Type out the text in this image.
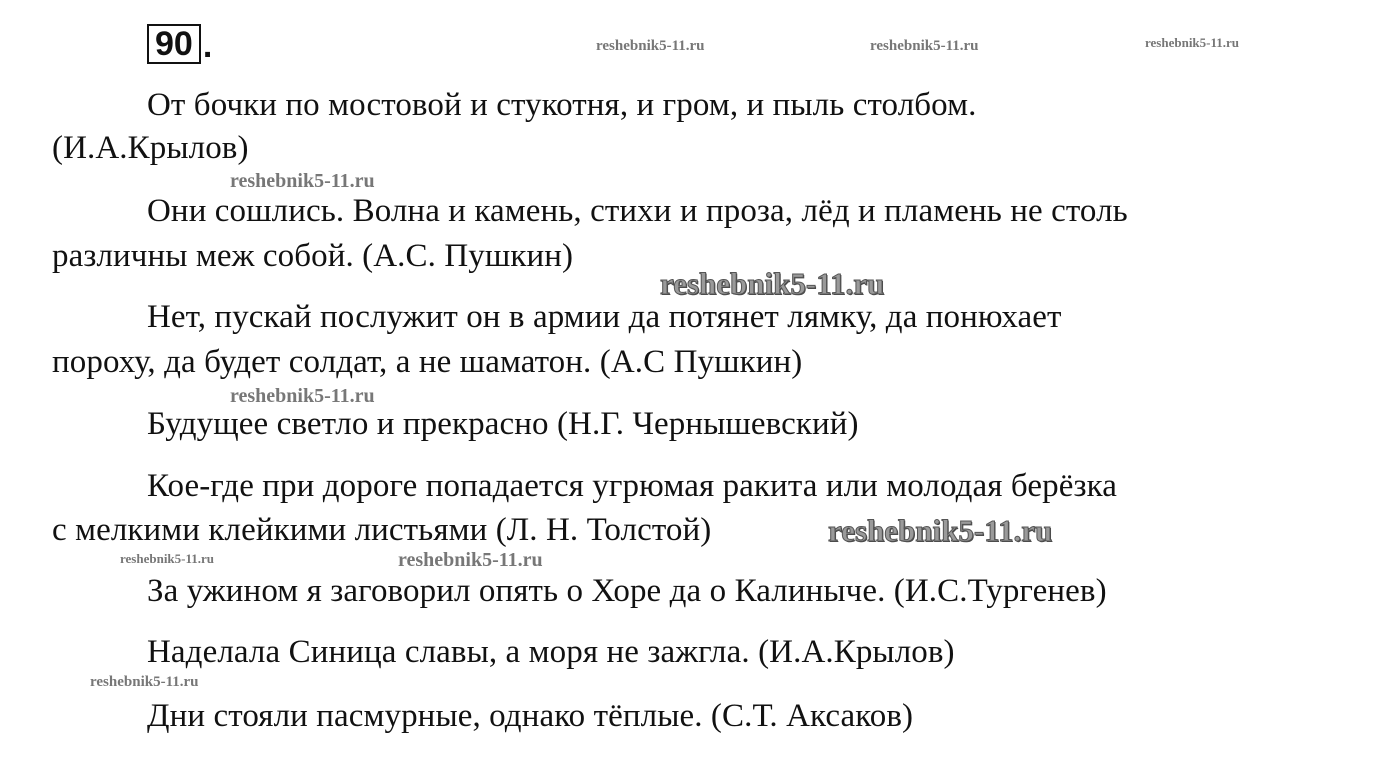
90 .	reshebnik5-11.ru	reshebnik5-11.ru	reshebnik5-11.ru
reshebnik5-11.ru
reshebnik5-11.ru
reshebnik5-11.ru
reshebnik5-11.ru
reshebnik5-11.ru	reshebnik5-11.ru
reshebnik5-11.ru
От бочки по мостовой и стукотня, и гром, и пыль столбом.
(И.А.Крылов)
Они сошлись. Волна и камень, стихи и проза, лёд и пламень не столь
различны меж собой. (А.С. Пушкин)
Нет, пускай послужит он в армии да потянет лямку, да понюхает
пороху, да будет солдат, а не шаматон. (А.С Пушкин)
Будущее светло и прекрасно (Н.Г. Чернышевский)
Кое-где при дороге попадается угрюмая ракита или молодая берёзка
с мелкими клейкими листьями (Л. Н. Толстой)
За ужином я заговорил опять о Хоре да о Калиныче. (И.С.Тургенев)
Наделала Синица славы, а моря не зажгла. (И.А.Крылов)
Дни стояли пасмурные, однако тёплые. (С.Т. Аксаков)
